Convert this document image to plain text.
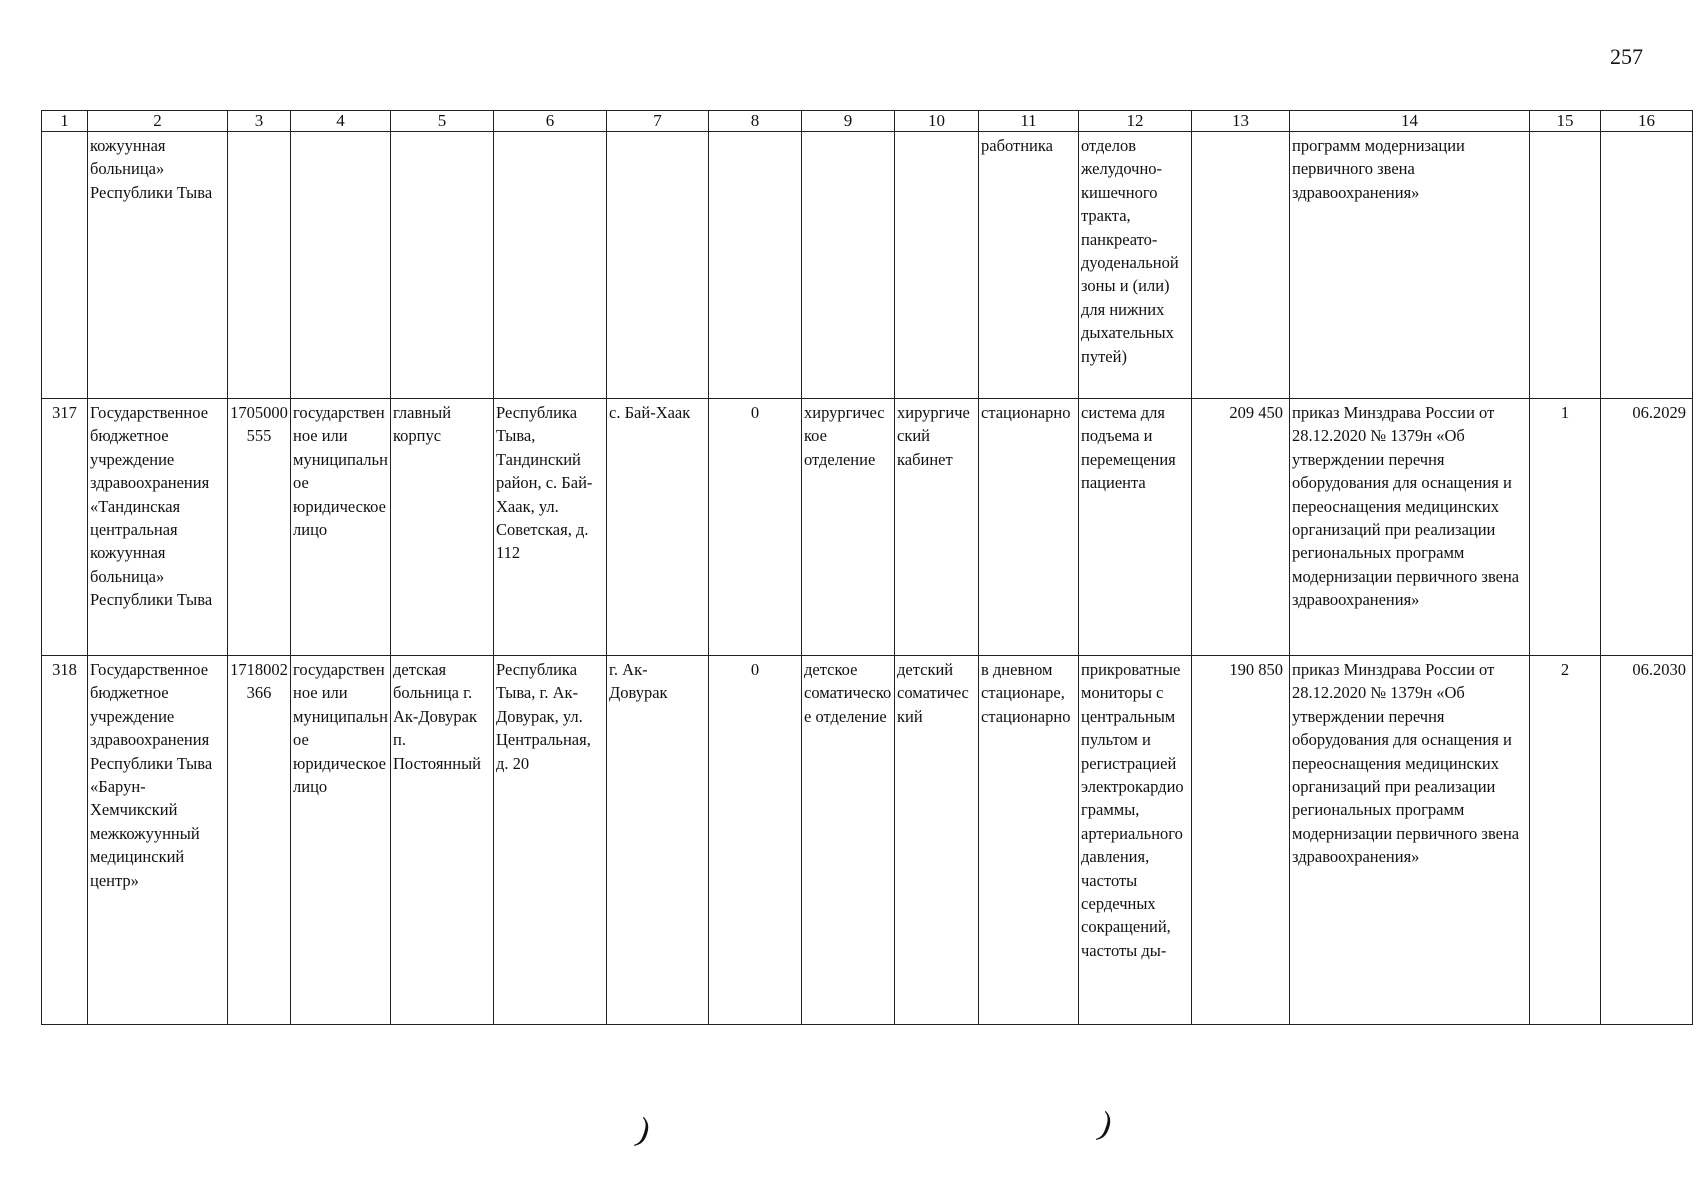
257
1	2	3	4	5	6	7	8	9	10	11	12	13	14	15	16
	кожуунная больница» Республики Тыва									работника	отделов желудочно-кишечного тракта, панкреато-дуоденальной зоны и (или) для нижних дыхательных путей)		программ модернизации первичного звена здравоохранения»		
317	Государственное бюджетное учреждение здравоохранения «Тандинская центральная кожуунная больница» Республики Тыва	1705000555	государственное или муниципальное юридическое лицо	главный корпус	Республика Тыва, Тандинский район, с. Бай-Хаак, ул. Советская, д. 112	с. Бай-Хаак	0	хирургическое отделение	хирургический кабинет	стационарно	система для подъема и перемещения пациента	209 450	приказ Минздрава России от 28.12.2020 № 1379н «Об утверждении перечня оборудования для оснащения и переоснащения медицинских организаций при реализации региональных программ модернизации первичного звена здравоохранения»	1	06.2029
318	Государственное бюджетное учреждение здравоохранения Республики Тыва «Барун-Хемчикский межкожуунный медицинский центр»	1718002366	государственное или муниципальное юридическое лицо	детская больница г. Ак-Довурак п. Постоянный	Республика Тыва, г. Ак-Довурак, ул. Центральная, д. 20	г. Ак-Довурак	0	детское соматическое отделение	детский соматический	в дневном стационаре, стационарно	прикроватные мониторы с центральным пультом и регистрацией электрокардиограммы, артериального давления, частоты сердечных сокращений, частоты ды-	190 850	приказ Минздрава России от 28.12.2020 № 1379н «Об утверждении перечня оборудования для оснащения и переоснащения медицинских организаций при реализации региональных программ модернизации первичного звена здравоохранения»	2	06.2030
)	)
